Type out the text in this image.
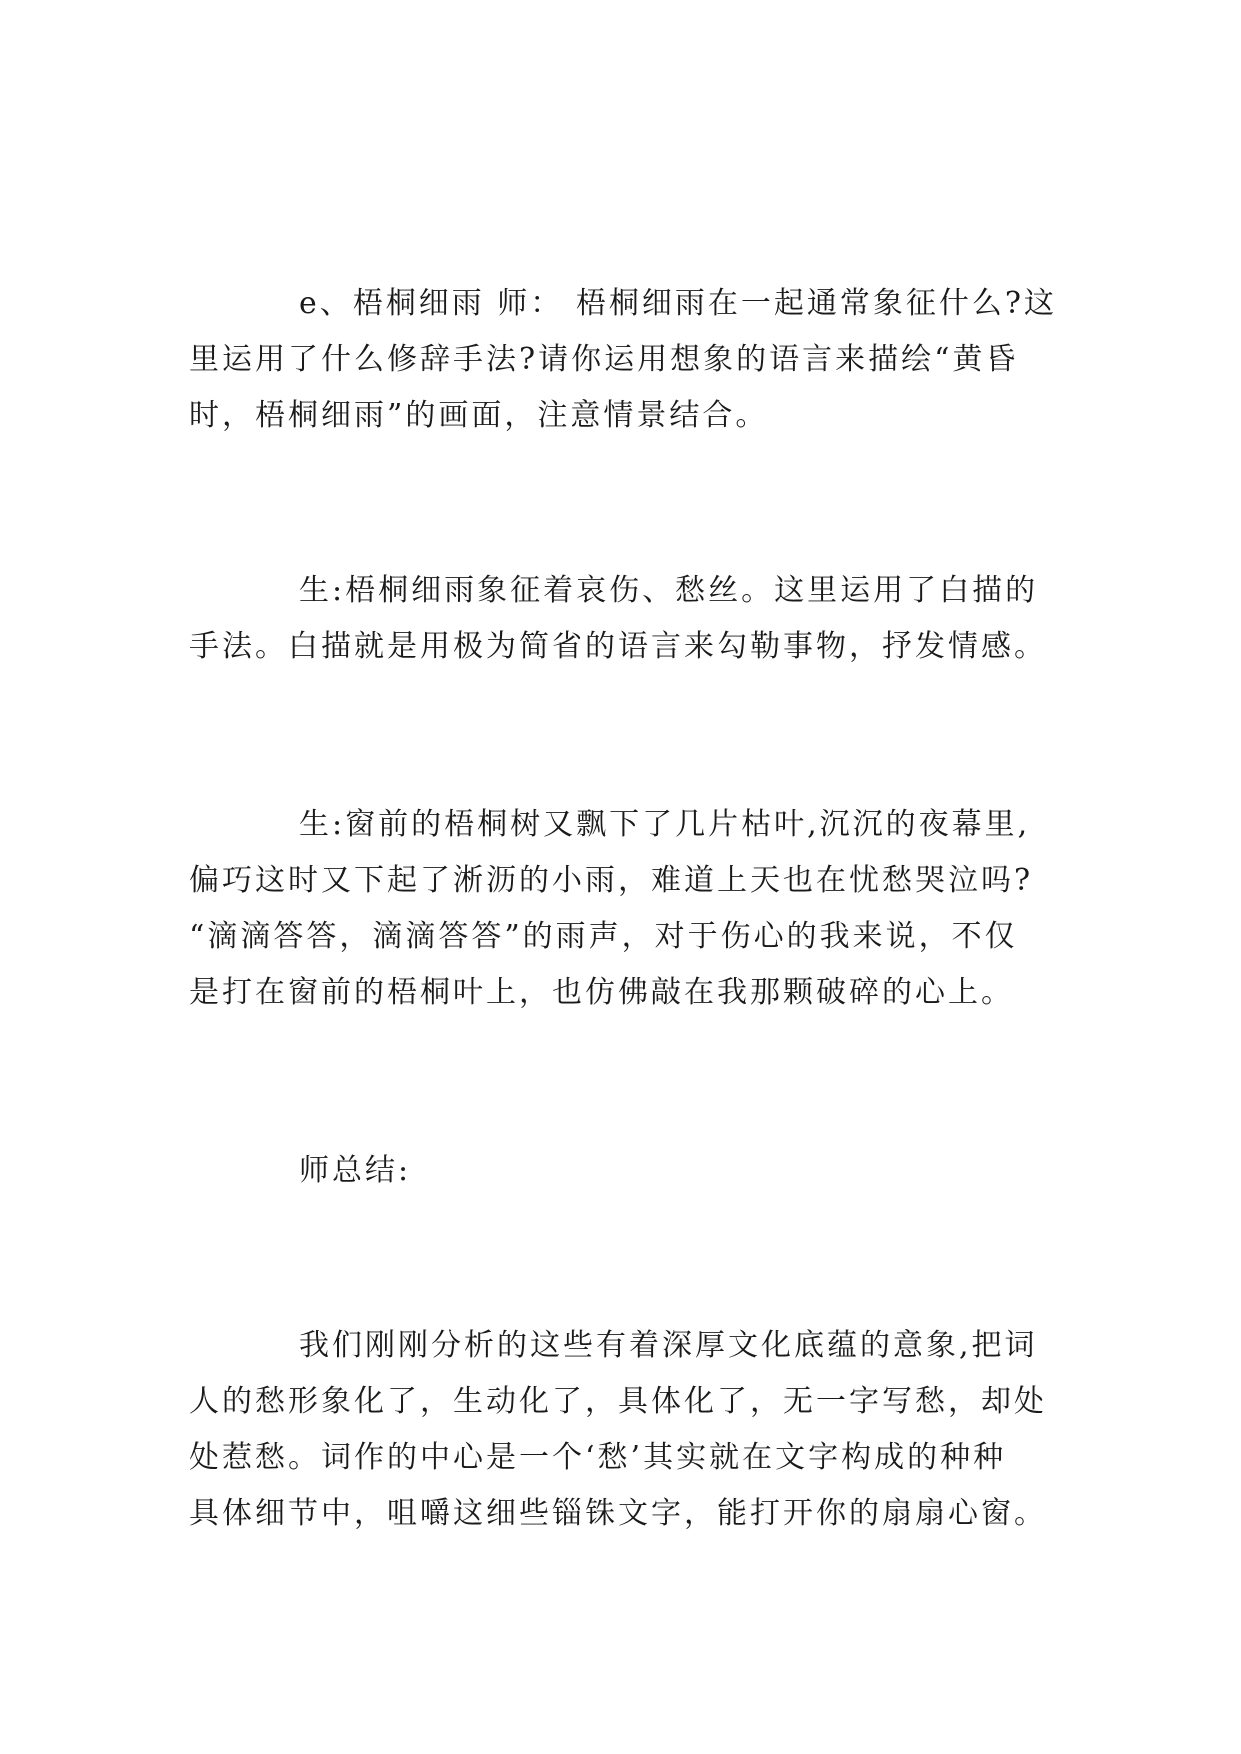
e、梧桐细雨 师： 梧桐细雨在一起通常象征什么?这
里运用了什么修辞手法?请你运用想象的语言来描绘“黄昏
时，梧桐细雨”的画面，注意情景结合。
生:梧桐细雨象征着哀伤、愁丝。这里运用了白描的
手法。白描就是用极为简省的语言来勾勒事物，抒发情感。
生:窗前的梧桐树又飘下了几片枯叶,沉沉的夜幕里,
偏巧这时又下起了淅沥的小雨，难道上天也在忧愁哭泣吗?
“滴滴答答，滴滴答答”的雨声，对于伤心的我来说，不仅
是打在窗前的梧桐叶上，也仿佛敲在我那颗破碎的心上。
师总结:
我们刚刚分析的这些有着深厚文化底蕴的意象,把词
人的愁形象化了，生动化了，具体化了，无一字写愁，却处
处惹愁。词作的中心是一个‘愁’其实就在文字构成的种种
具体细节中，咀嚼这细些锱铢文字，能打开你的扇扇心窗。
